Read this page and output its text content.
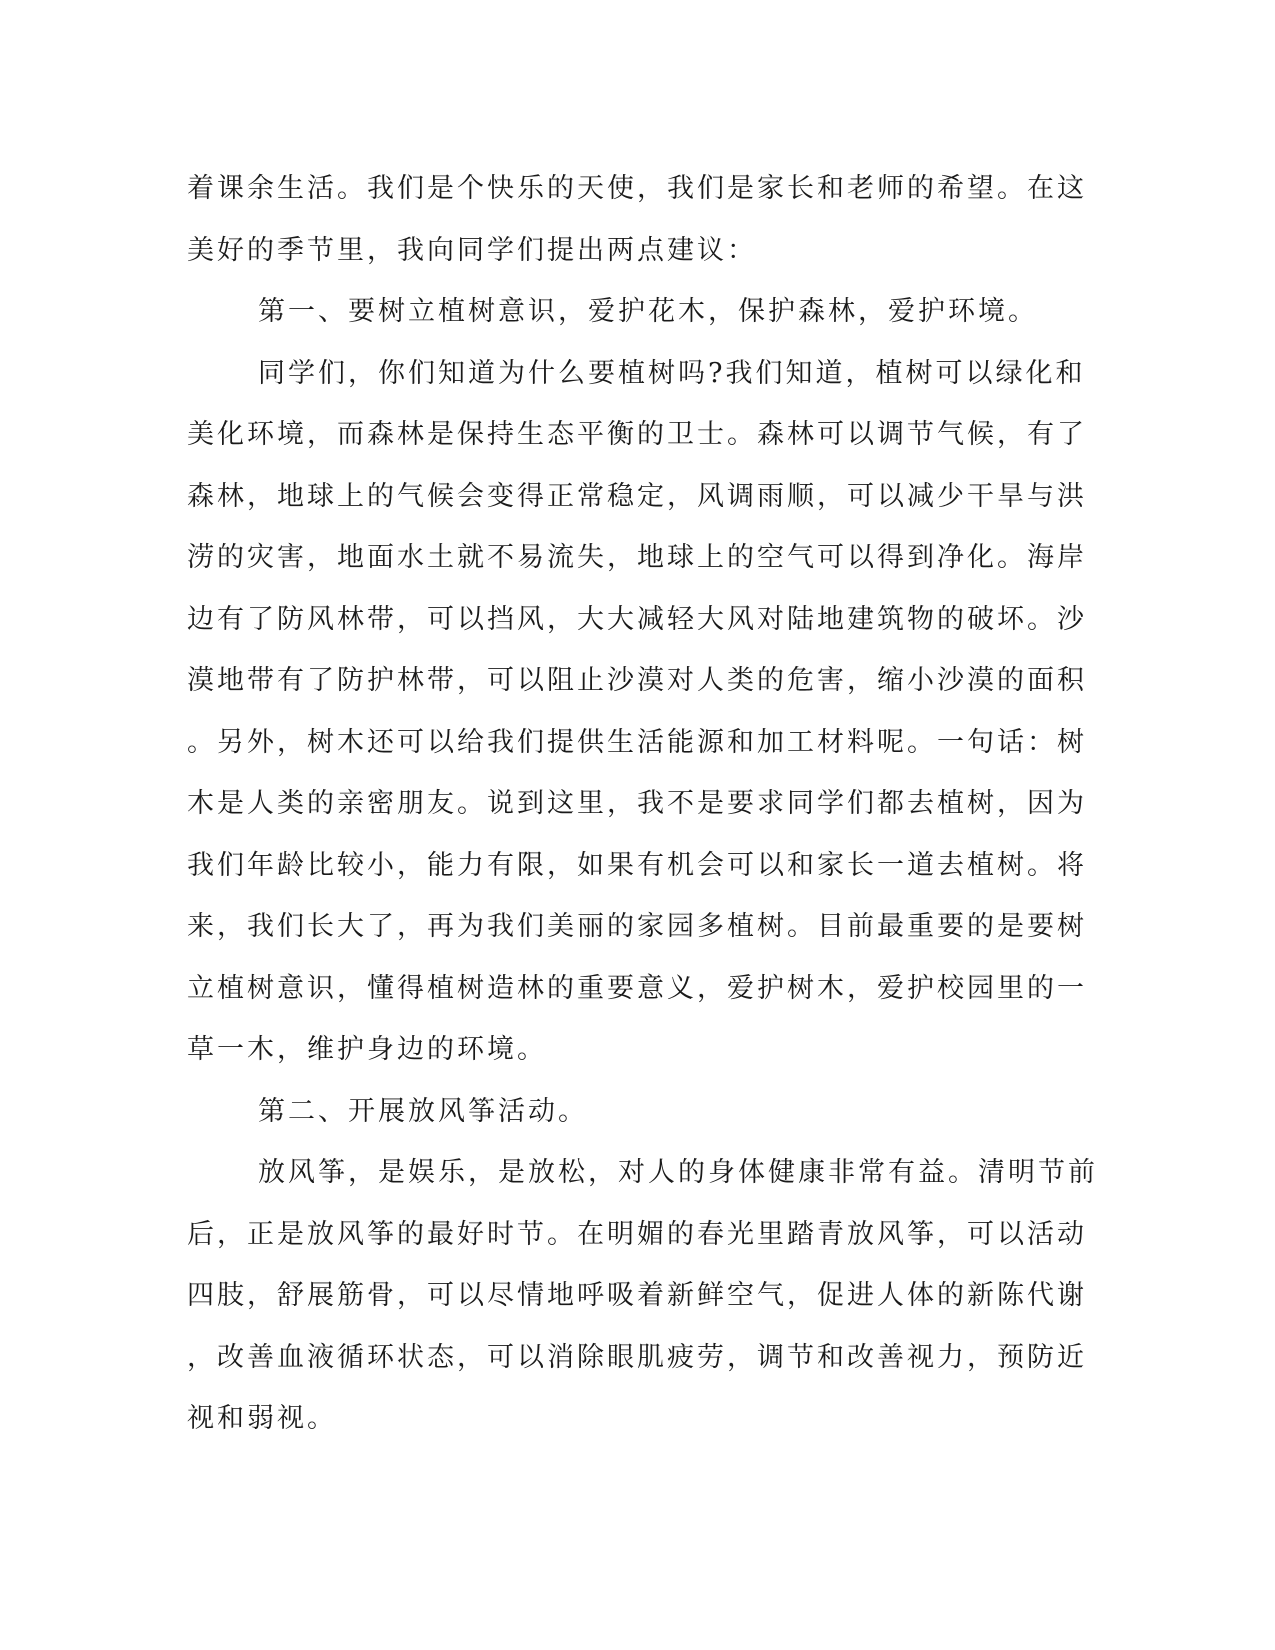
着课余生活。我们是个快乐的天使，我们是家长和老师的希望。在这
美好的季节里，我向同学们提出两点建议：
第一、要树立植树意识，爱护花木，保护森林，爱护环境。
同学们，你们知道为什么要植树吗?我们知道，植树可以绿化和
美化环境，而森林是保持生态平衡的卫士。森林可以调节气候，有了
森林，地球上的气候会变得正常稳定，风调雨顺，可以减少干旱与洪
涝的灾害，地面水土就不易流失，地球上的空气可以得到净化。海岸
边有了防风林带，可以挡风，大大减轻大风对陆地建筑物的破坏。沙
漠地带有了防护林带，可以阻止沙漠对人类的危害，缩小沙漠的面积
。另外，树木还可以给我们提供生活能源和加工材料呢。一句话：树
木是人类的亲密朋友。说到这里，我不是要求同学们都去植树，因为
我们年龄比较小，能力有限，如果有机会可以和家长一道去植树。将
来，我们长大了，再为我们美丽的家园多植树。目前最重要的是要树
立植树意识，懂得植树造林的重要意义，爱护树木，爱护校园里的一
草一木，维护身边的环境。
第二、开展放风筝活动。
放风筝，是娱乐，是放松，对人的身体健康非常有益。清明节前
后，正是放风筝的最好时节。在明媚的春光里踏青放风筝，可以活动
四肢，舒展筋骨，可以尽情地呼吸着新鲜空气，促进人体的新陈代谢
，改善血液循环状态，可以消除眼肌疲劳，调节和改善视力，预防近
视和弱视。
